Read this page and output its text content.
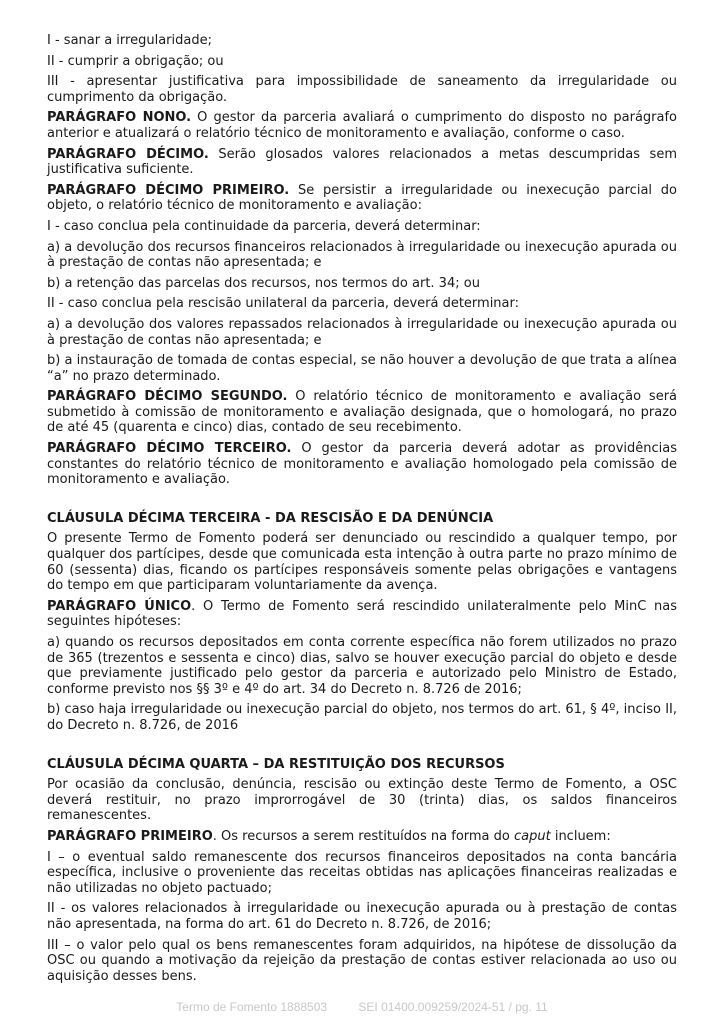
I - sanar a irregularidade;

II - cumprir a obrigação; ou

III - apresentar justificativa para impossibilidade de saneamento da irregularidade ou cumprimento da obrigação.

PARÁGRAFO NONO. O gestor da parceria avaliará o cumprimento do disposto no parágrafo anterior e atualizará o relatório técnico de monitoramento e avaliação, conforme o caso.

PARÁGRAFO DÉCIMO. Serão glosados valores relacionados a metas descumpridas sem justificativa suficiente.

PARÁGRAFO DÉCIMO PRIMEIRO. Se persistir a irregularidade ou inexecução parcial do objeto, o relatório técnico de monitoramento e avaliação:

I - caso conclua pela continuidade da parceria, deverá determinar:

a) a devolução dos recursos financeiros relacionados à irregularidade ou inexecução apurada ou à prestação de contas não apresentada; e

b) a retenção das parcelas dos recursos, nos termos do art. 34; ou

II - caso conclua pela rescisão unilateral da parceria, deverá determinar:

a) a devolução dos valores repassados relacionados à irregularidade ou inexecução apurada ou à prestação de contas não apresentada; e

b) a instauração de tomada de contas especial, se não houver a devolução de que trata a alínea “a” no prazo determinado.

PARÁGRAFO DÉCIMO SEGUNDO. O relatório técnico de monitoramento e avaliação será submetido à comissão de monitoramento e avaliação designada, que o homologará, no prazo de até 45 (quarenta e cinco) dias, contado de seu recebimento.

PARÁGRAFO DÉCIMO TERCEIRO. O gestor da parceria deverá adotar as providências constantes do relatório técnico de monitoramento e avaliação homologado pela comissão de monitoramento e avaliação.

CLÁUSULA DÉCIMA TERCEIRA - DA RESCISÃO E DA DENÚNCIA

O presente Termo de Fomento poderá ser denunciado ou rescindido a qualquer tempo, por qualquer dos partícipes, desde que comunicada esta intenção à outra parte no prazo mínimo de 60 (sessenta) dias, ficando os partícipes responsáveis somente pelas obrigações e vantagens do tempo em que participaram voluntariamente da avença.

PARÁGRAFO ÚNICO. O Termo de Fomento será rescindido unilateralmente pelo MinC nas seguintes hipóteses:

a) quando os recursos depositados em conta corrente específica não forem utilizados no prazo de 365 (trezentos e sessenta e cinco) dias, salvo se houver execução parcial do objeto e desde que previamente justificado pelo gestor da parceria e autorizado pelo Ministro de Estado, conforme previsto nos §§ 3º e 4º do art. 34 do Decreto n. 8.726 de 2016;

b) caso haja irregularidade ou inexecução parcial do objeto, nos termos do art. 61, § 4º, inciso II, do Decreto n. 8.726, de 2016

CLÁUSULA DÉCIMA QUARTA – DA RESTITUIÇÃO DOS RECURSOS

Por ocasião da conclusão, denúncia, rescisão ou extinção deste Termo de Fomento, a OSC deverá restituir, no prazo improrrogável de 30 (trinta) dias, os saldos financeiros remanescentes.

PARÁGRAFO PRIMEIRO. Os recursos a serem restituídos na forma do caput incluem:

I – o eventual saldo remanescente dos recursos financeiros depositados na conta bancária específica, inclusive o proveniente das receitas obtidas nas aplicações financeiras realizadas e não utilizadas no objeto pactuado;

II - os valores relacionados à irregularidade ou inexecução apurada ou à prestação de contas não apresentada, na forma do art. 61 do Decreto n. 8.726, de 2016;

III – o valor pelo qual os bens remanescentes foram adquiridos, na hipótese de dissolução da OSC ou quando a motivação da rejeição da prestação de contas estiver relacionada ao uso ou aquisição desses bens.

Termo de Fomento 1888503	SEI 01400.009259/2024-51 / pg. 11
